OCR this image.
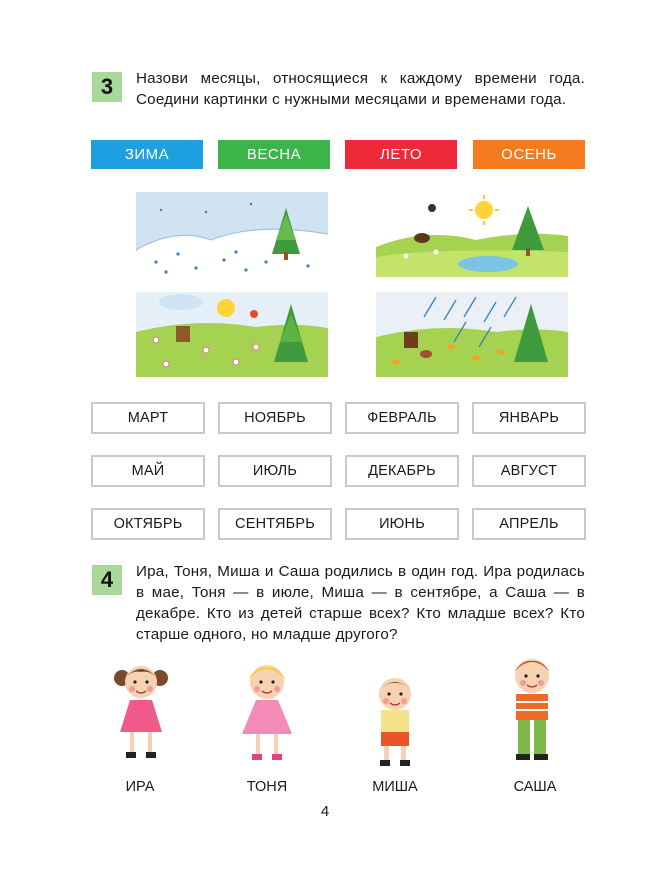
3	Назови месяцы, относящиеся к каждому времени года. Соедини картинки с нужными месяцами и временами года.
ЗИМА	ВЕСНА	ЛЕТО	ОСЕНЬ
МАРТ	НОЯБРЬ	ФЕВРАЛЬ	ЯНВАРЬ
МАЙ	ИЮЛЬ	ДЕКАБРЬ	АВГУСТ
ОКТЯБРЬ	СЕНТЯБРЬ	ИЮНЬ	АПРЕЛЬ
4	Ира, Тоня, Миша и Саша родились в один год. Ира родилась в мае, Тоня — в июле, Миша — в сентябре, а Саша — в декабре. Кто из детей старше всех? Кто младше всех? Кто старше одного, но младше другого?
ИРА	ТОНЯ	МИША	САША
4
